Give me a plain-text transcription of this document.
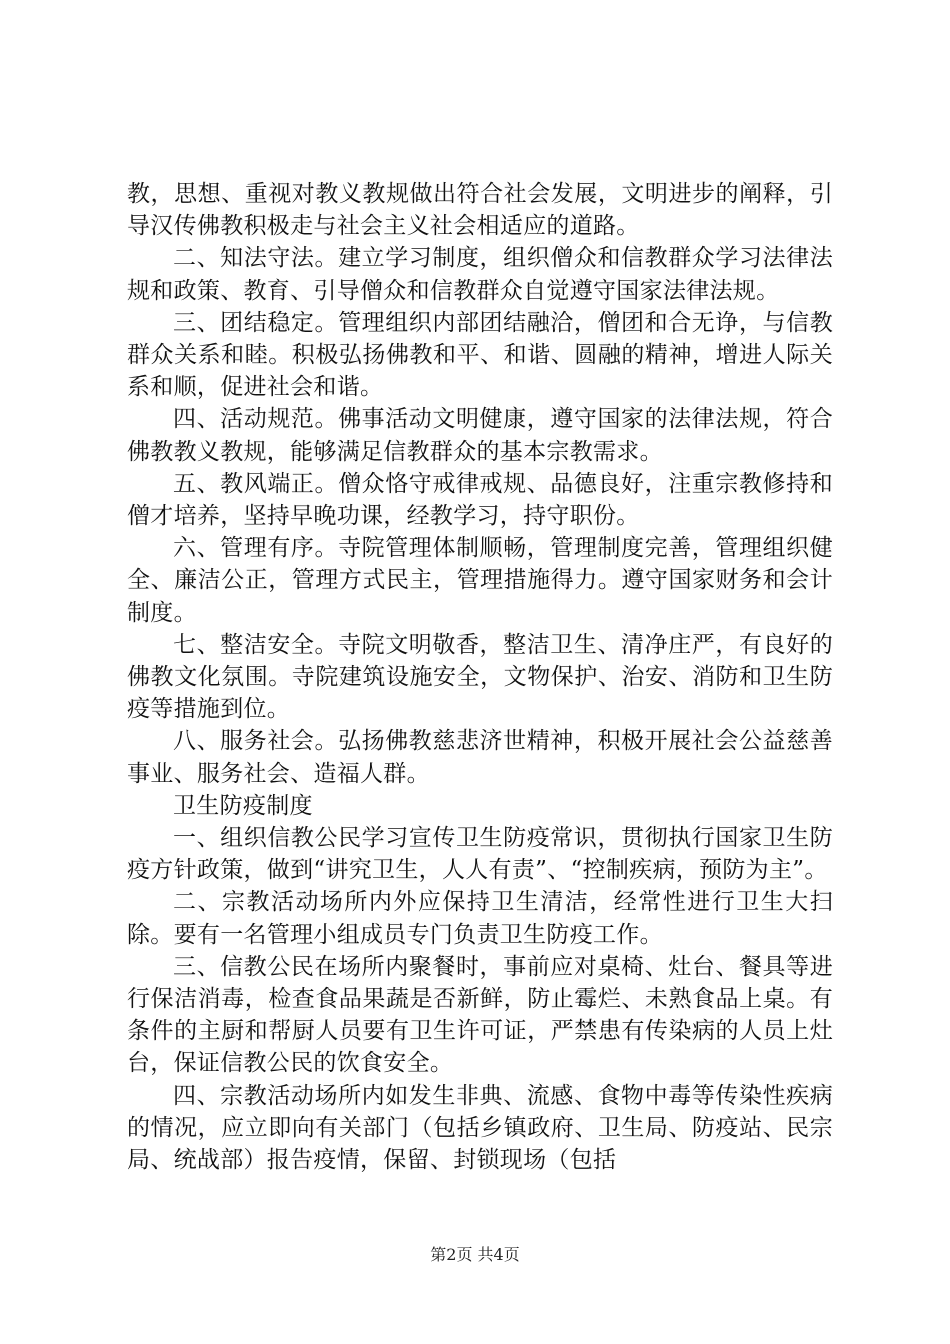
教，思想、重视对教义教规做出符合社会发展，文明进步的阐释，引导汉传佛教积极走与社会主义社会相适应的道路。

二、知法守法。建立学习制度，组织僧众和信教群众学习法律法规和政策、教育、引导僧众和信教群众自觉遵守国家法律法规。

三、团结稳定。管理组织内部团结融洽，僧团和合无诤，与信教群众关系和睦。积极弘扬佛教和平、和谐、圆融的精神，增进人际关系和顺，促进社会和谐。

四、活动规范。佛事活动文明健康，遵守国家的法律法规，符合佛教教义教规，能够满足信教群众的基本宗教需求。

五、教风端正。僧众恪守戒律戒规、品德良好，注重宗教修持和僧才培养，坚持早晚功课，经教学习，持守职份。

六、管理有序。寺院管理体制顺畅，管理制度完善，管理组织健全、廉洁公正，管理方式民主，管理措施得力。遵守国家财务和会计制度。

七、整洁安全。寺院文明敬香，整洁卫生、清净庄严，有良好的佛教文化氛围。寺院建筑设施安全，文物保护、治安、消防和卫生防疫等措施到位。

八、服务社会。弘扬佛教慈悲济世精神，积极开展社会公益慈善事业、服务社会、造福人群。

卫生防疫制度

一、组织信教公民学习宣传卫生防疫常识，贯彻执行国家卫生防疫方针政策，做到“讲究卫生，人人有责”、“控制疾病，预防为主”。

二、宗教活动场所内外应保持卫生清洁，经常性进行卫生大扫除。要有一名管理小组成员专门负责卫生防疫工作。

三、信教公民在场所内聚餐时，事前应对桌椅、灶台、餐具等进行保洁消毒，检查食品果蔬是否新鲜，防止霉烂、未熟食品上桌。有条件的主厨和帮厨人员要有卫生许可证，严禁患有传染病的人员上灶台，保证信教公民的饮食安全。

四、宗教活动场所内如发生非典、流感、食物中毒等传染性疾病的情况，应立即向有关部门（包括乡镇政府、卫生局、防疫站、民宗局、统战部）报告疫情，保留、封锁现场（包括

第2页 共4页
